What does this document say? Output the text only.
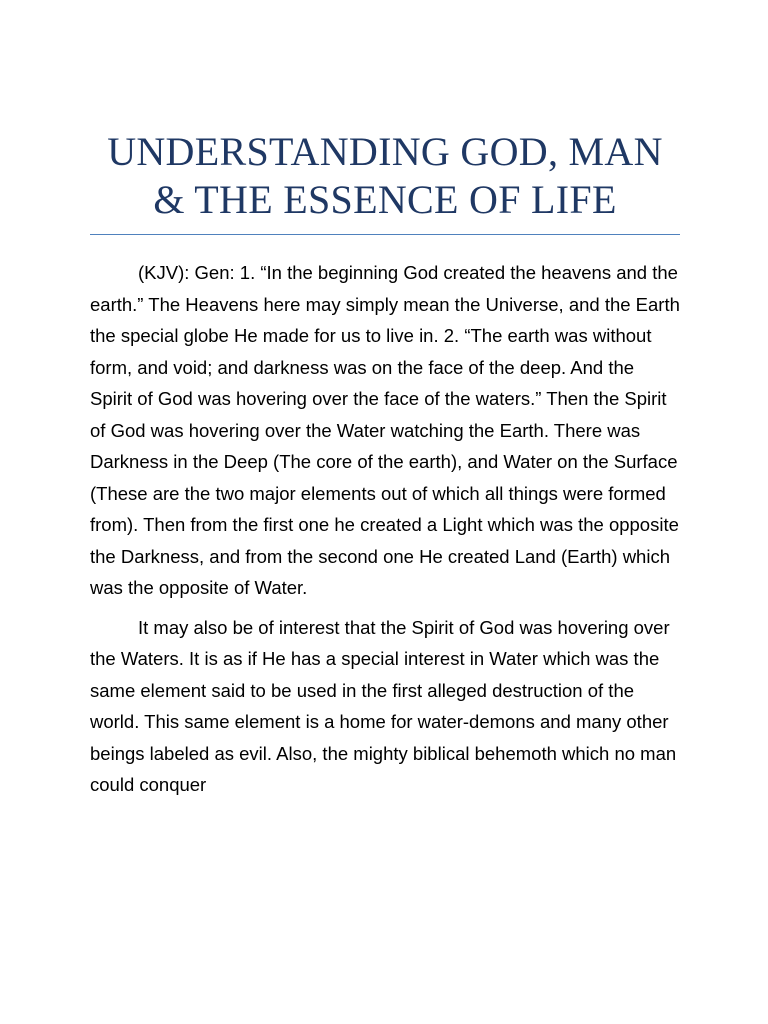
UNDERSTANDING GOD, MAN
& THE ESSENCE OF LIFE

(KJV): Gen: 1. “In the beginning God created the heavens and the earth.” The Heavens here may simply mean the Universe, and the Earth the special globe He made for us to live in. 2. “The earth was without form, and void; and darkness was on the face of the deep. And the Spirit of God was hovering over the face of the waters.” Then the Spirit of God was hovering over the Water watching the Earth. There was Darkness in the Deep (The core of the earth), and Water on the Surface (These are the two major elements out of which all things were formed from). Then from the first one he created a Light which was the opposite the Darkness, and from the second one He created Land (Earth) which was the opposite of Water.

It may also be of interest that the Spirit of God was hovering over the Waters. It is as if He has a special interest in Water which was the same element said to be used in the first alleged destruction of the world. This same element is a home for water-demons and many other beings labeled as evil. Also, the mighty biblical behemoth which no man could conquer
